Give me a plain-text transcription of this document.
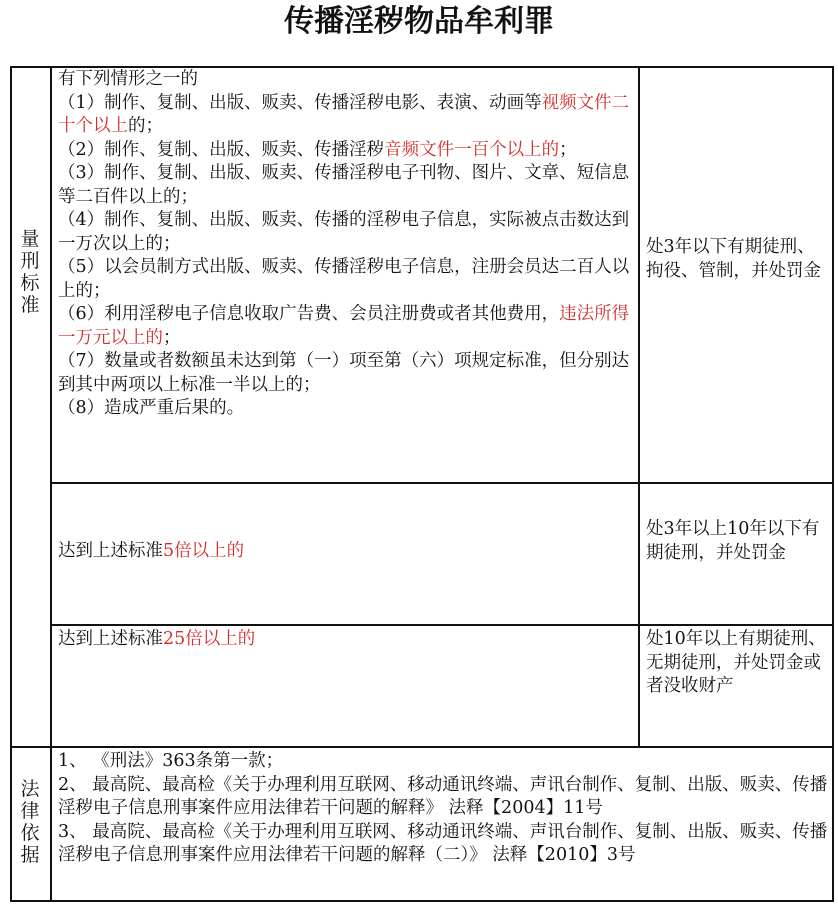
传播淫秽物品牟利罪
量
刑
标
准
有下列情形之一的
（1）制作、复制、出版、贩卖、传播淫秽电影、表演、动画等视频文件二十个以上的；
（2）制作、复制、出版、贩卖、传播淫秽音频文件一百个以上的；
（3）制作、复制、出版、贩卖、传播淫秽电子刊物、图片、文章、短信息等二百件以上的；
（4）制作、复制、出版、贩卖、传播的淫秽电子信息，实际被点击数达到一万次以上的；
（5）以会员制方式出版、贩卖、传播淫秽电子信息，注册会员达二百人以上的；
（6）利用淫秽电子信息收取广告费、会员注册费或者其他费用，违法所得一万元以上的；
（7）数量或者数额虽未达到第（一）项至第（六）项规定标准，但分别达到其中两项以上标准一半以上的；
（8）造成严重后果的。
处3年以下有期徒刑、拘役、管制，并处罚金
达到上述标准5倍以上的
处3年以上10年以下有期徒刑，并处罚金
达到上述标准25倍以上的	处10年以上有期徒刑、无期徒刑，并处罚金或者没收财产
法
律
依
据
1、 《刑法》363条第一款；
2、 最高院、最高检《关于办理利用互联网、移动通讯终端、声讯台制作、复制、出版、贩卖、传播淫秽电子信息刑事案件应用法律若干问题的解释》 法释【2004】11号
3、 最高院、最高检《关于办理利用互联网、移动通讯终端、声讯台制作、复制、出版、贩卖、传播淫秽电子信息刑事案件应用法律若干问题的解释（二）》 法释【2010】3号
